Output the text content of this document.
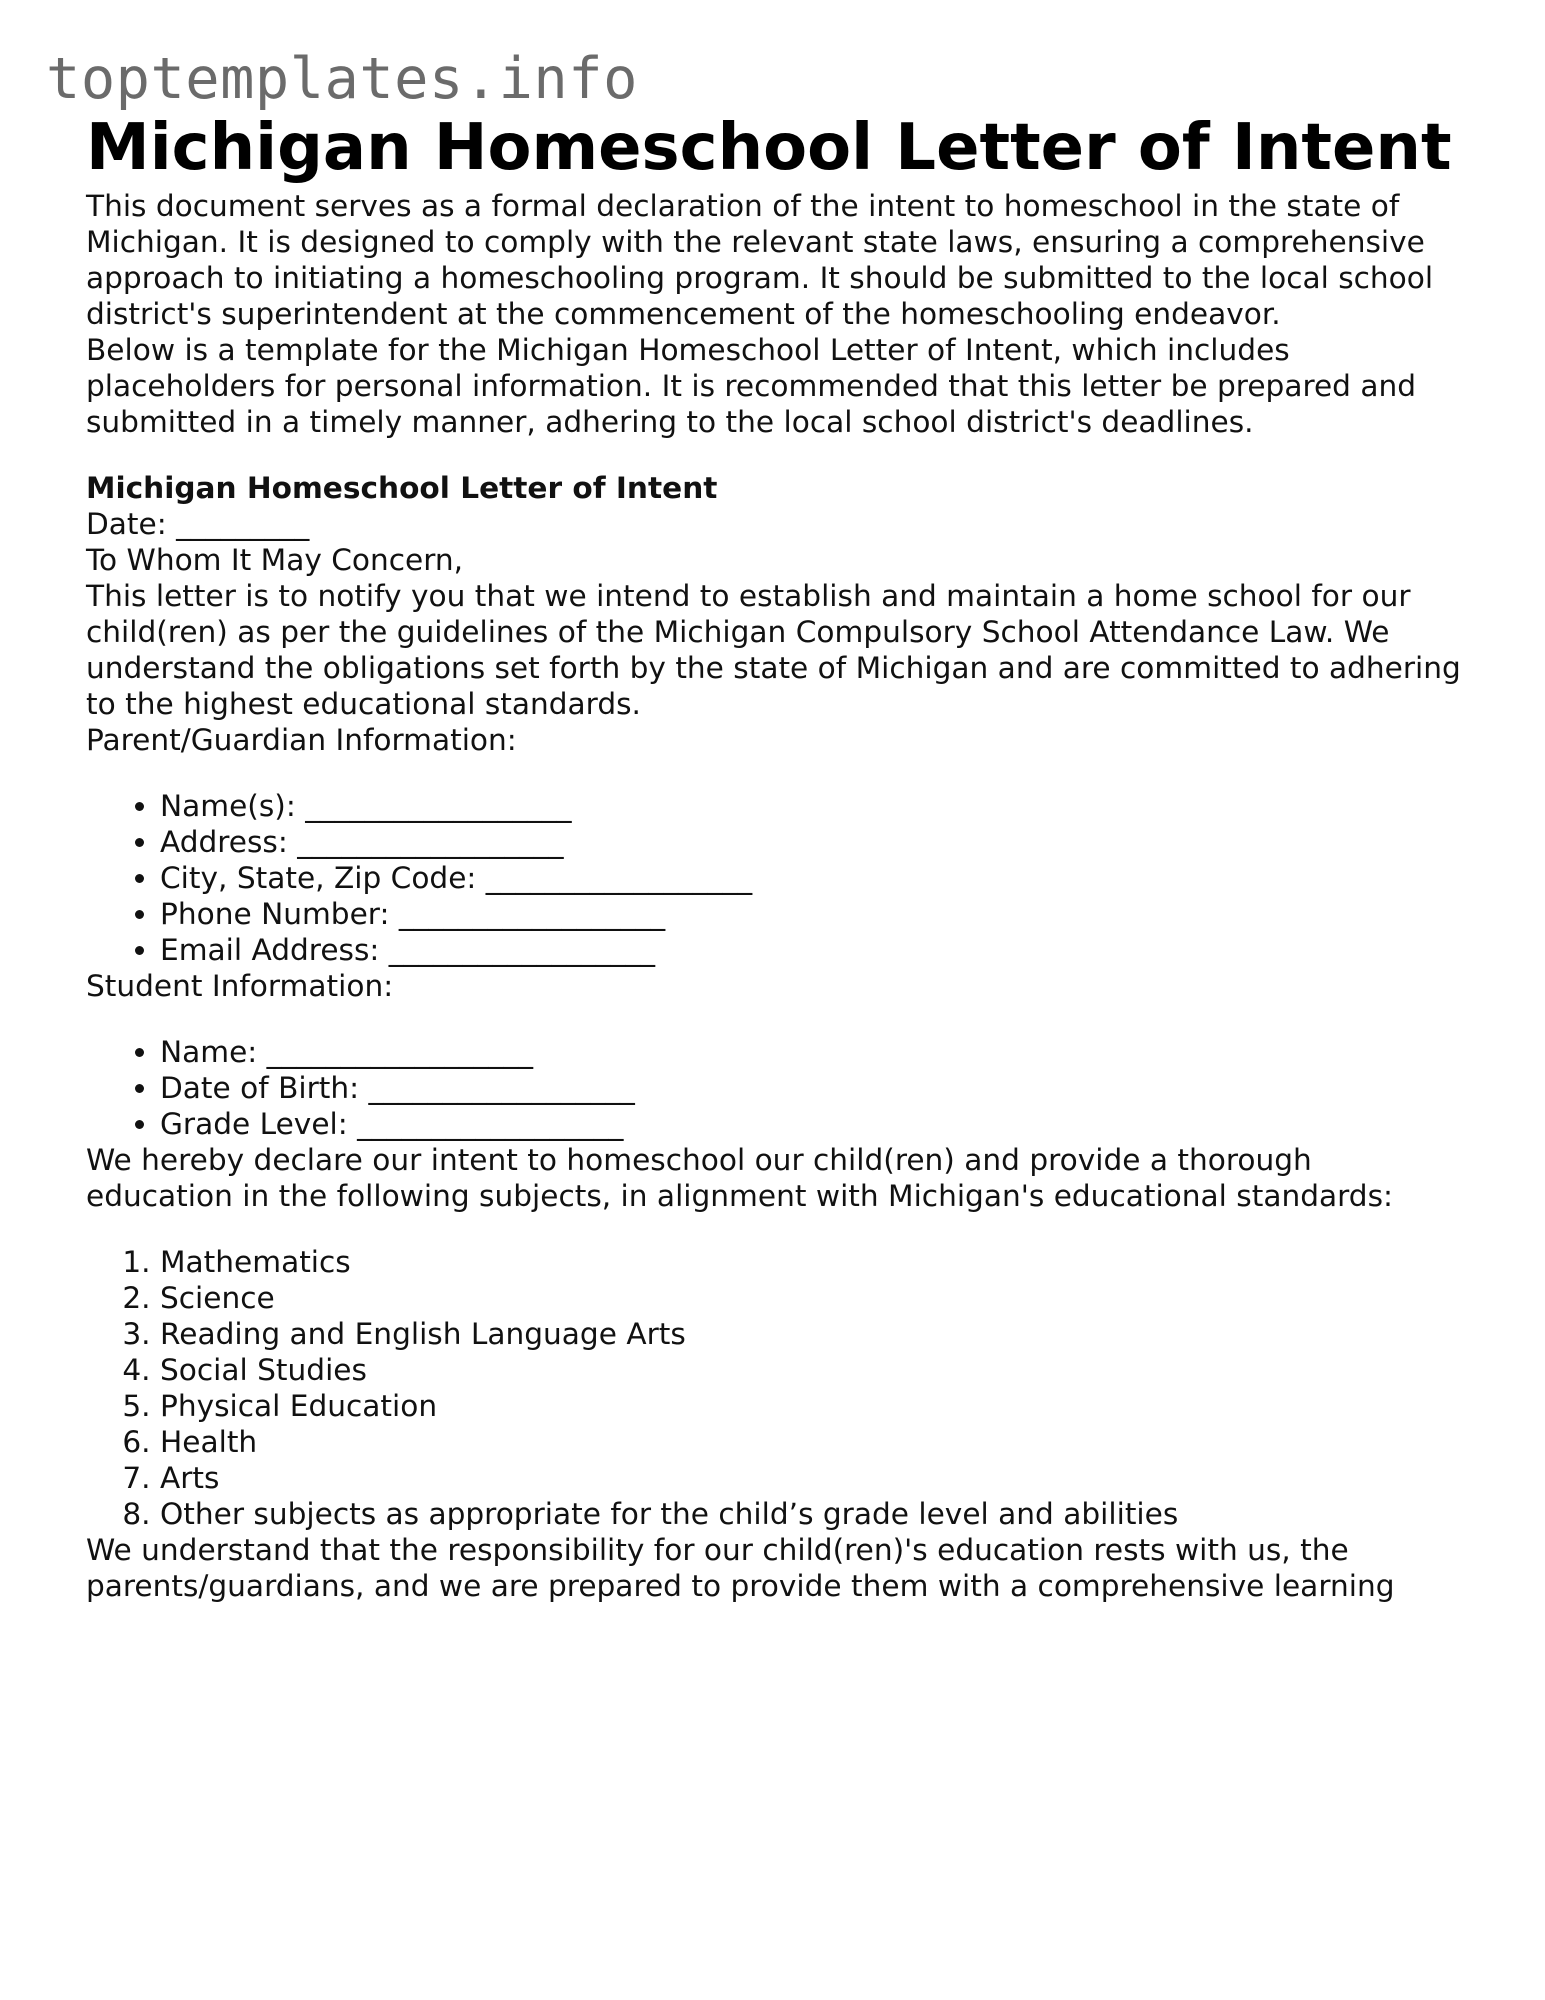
toptemplates.info
Michigan Homeschool Letter of Intent

This document serves as a formal declaration of the intent to homeschool in the state of Michigan. It is designed to comply with the relevant state laws, ensuring a comprehensive approach to initiating a homeschooling program. It should be submitted to the local school district's superintendent at the commencement of the homeschooling endeavor.

Below is a template for the Michigan Homeschool Letter of Intent, which includes placeholders for personal information. It is recommended that this letter be prepared and submitted in a timely manner, adhering to the local school district's deadlines.

Michigan Homeschool Letter of Intent

Date: _________

To Whom It May Concern,

This letter is to notify you that we intend to establish and maintain a home school for our child(ren) as per the guidelines of the Michigan Compulsory School Attendance Law. We understand the obligations set forth by the state of Michigan and are committed to adhering to the highest educational standards.

Parent/Guardian Information:

• Name(s): __________________
• Address: __________________
• City, State, Zip Code: __________________
• Phone Number: __________________
• Email Address: __________________

Student Information:

• Name: __________________
• Date of Birth: __________________
• Grade Level: __________________

We hereby declare our intent to homeschool our child(ren) and provide a thorough education in the following subjects, in alignment with Michigan's educational standards:

1. Mathematics
2. Science
3. Reading and English Language Arts
4. Social Studies
5. Physical Education
6. Health
7. Arts
8. Other subjects as appropriate for the child’s grade level and abilities

We understand that the responsibility for our child(ren)'s education rests with us, the parents/guardians, and we are prepared to provide them with a comprehensive learning
